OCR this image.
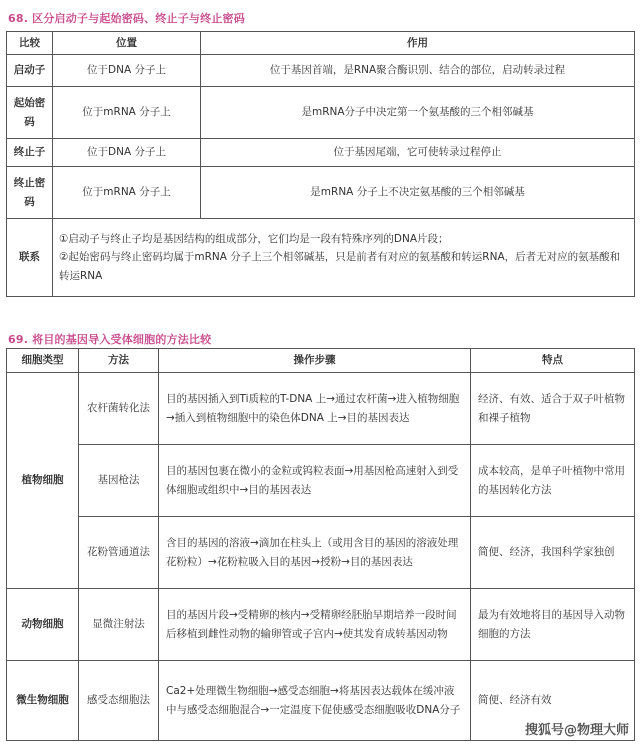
68. 区分启动子与起始密码、终止子与终止密码
比较	位置	作用
启动子	位于DNA 分子上	位于基因首端，是RNA聚合酶识别、结合的部位，启动转录过程
起始密码	位于mRNA 分子上	是mRNA分子中决定第一个氨基酸的三个相邻碱基
终止子	位于DNA 分子上	位于基因尾端，它可使转录过程停止
终止密码	位于mRNA 分子上	是mRNA 分子上不决定氨基酸的三个相邻碱基
联系	①启动子与终止子均是基因结构的组成部分，它们均是一段有特殊序列的DNA片段；
②起始密码与终止密码均属于mRNA 分子上三个相邻碱基，只是前者有对应的氨基酸和转运RNA，后者无对应的氨基酸和转运RNA	
69. 将目的基因导入受体细胞的方法比较
细胞类型	方法	操作步骤	特点
植物细胞	农杆菌转化法	目的基因插入到Ti质粒的T-DNA 上→通过农杆菌→进入植物细胞→插入到植物细胞中的染色体DNA 上→目的基因表达	经济、有效、适合于双子叶植物和裸子植物
	基因枪法	目的基因包裹在微小的金粒或钨粒表面→用基因枪高速射入到受体细胞或组织中→目的基因表达	成本较高，是单子叶植物中常用的基因转化方法
	花粉管通道法	含目的基因的溶液→滴加在柱头上（或用含目的基因的溶液处理花粉粒）→花粉粒吸入目的基因→授粉→目的基因表达	简便、经济，我国科学家独创
动物细胞	显微注射法	目的基因片段→受精卵的核内→受精卵经胚胎早期培养一段时间后移植到雌性动物的输卵管或子宫内→使其发育成转基因动物	最为有效地将目的基因导入动物细胞的方法
微生物细胞	感受态细胞法	Ca2+处理微生物细胞→感受态细胞→将基因表达载体在缓冲液中与感受态细胞混合→一定温度下促使感受态细胞吸收DNA分子	简便、经济有效
搜狐号@物理大师
